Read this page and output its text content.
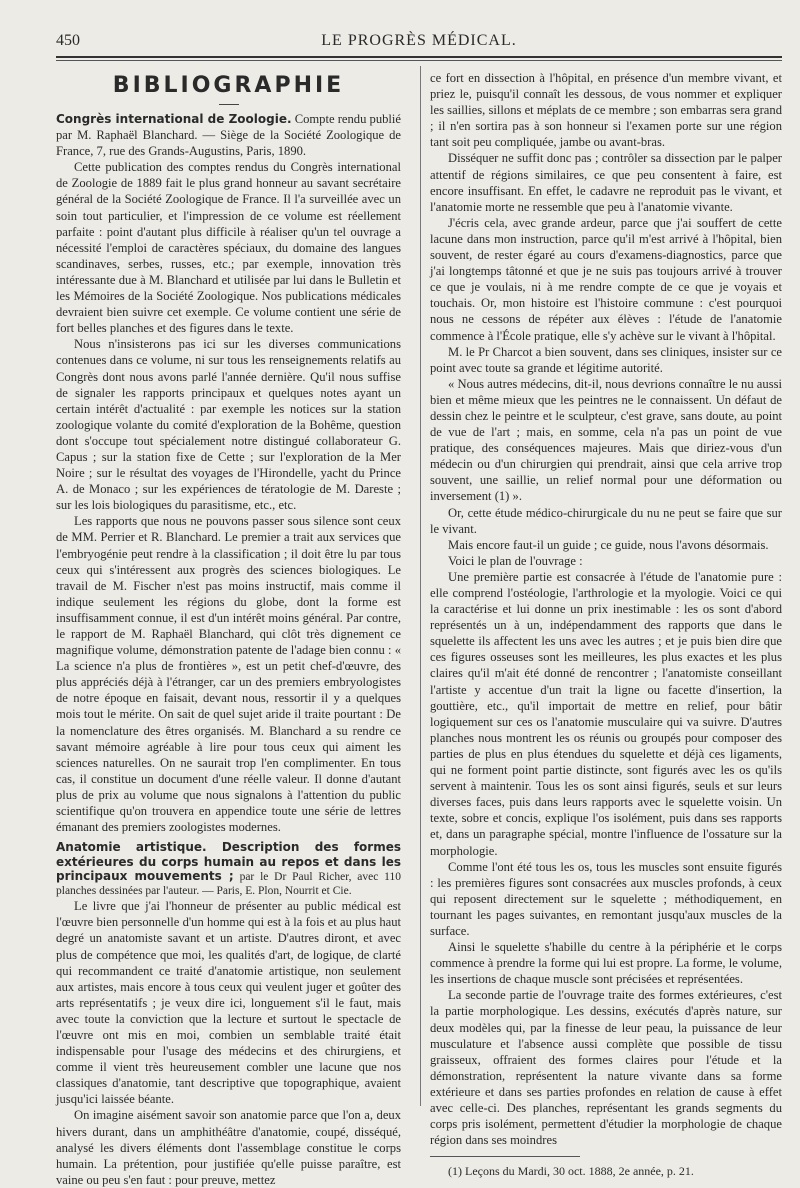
450	LE PROGRÈS MÉDICAL.
BIBLIOGRAPHIE

Congrès international de Zoologie. Compte rendu publié par M. Raphaël Blanchard. — Siège de la Société Zoologique de France, 7, rue des Grands-Augustins, Paris, 1890.

Cette publication des comptes rendus du Congrès international de Zoologie de 1889 fait le plus grand honneur au savant secrétaire général de la Société Zoologique de France. Il l'a surveillée avec un soin tout particulier, et l'impression de ce volume est réellement parfaite : point d'autant plus difficile à réaliser qu'un tel ouvrage a nécessité l'emploi de caractères spéciaux, du domaine des langues scandinaves, serbes, russes, etc.; par exemple, innovation très intéressante due à M. Blanchard et utilisée par lui dans le Bulletin et les Mémoires de la Société Zoologique. Nos publications médicales devraient bien suivre cet exemple. Ce volume contient une série de fort belles planches et des figures dans le texte.

Nous n'insisterons pas ici sur les diverses communications contenues dans ce volume, ni sur tous les renseignements relatifs au Congrès dont nous avons parlé l'année dernière. Qu'il nous suffise de signaler les rapports principaux et quelques notes ayant un certain intérêt d'actualité : par exemple les notices sur la station zoologique volante du comité d'exploration de la Bohême, question dont s'occupe tout spécialement notre distingué collaborateur G. Capus ; sur la station fixe de Cette ; sur l'exploration de la Mer Noire ; sur le résultat des voyages de l'Hirondelle, yacht du Prince A. de Monaco ; sur les expériences de tératologie de M. Dareste ; sur les lois biologiques du parasitisme, etc., etc.

Les rapports que nous ne pouvons passer sous silence sont ceux de MM. Perrier et R. Blanchard. Le premier a trait aux services que l'embryogénie peut rendre à la classification ; il doit être lu par tous ceux qui s'intéressent aux progrès des sciences biologiques. Le travail de M. Fischer n'est pas moins instructif, mais comme il indique seulement les régions du globe, dont la forme est insuffisamment connue, il est d'un intérêt moins général. Par contre, le rapport de M. Raphaël Blanchard, qui clôt très dignement ce magnifique volume, démonstration patente de l'adage bien connu : « La science n'a plus de frontières », est un petit chef-d'œuvre, des plus appréciés déjà à l'étranger, car un des premiers embryologistes de notre époque en faisait, devant nous, ressortir il y a quelques mois tout le mérite. On sait de quel sujet aride il traite pourtant : De la nomenclature des êtres organisés. M. Blanchard a su rendre ce savant mémoire agréable à lire pour tous ceux qui aiment les sciences naturelles. On ne saurait trop l'en complimenter. En tous cas, il constitue un document d'une réelle valeur. Il donne d'autant plus de prix au volume que nous signalons à l'attention du public scientifique qu'on trouvera en appendice toute une série de lettres émanant des premiers zoologistes modernes.

Anatomie artistique. Description des formes extérieures du corps humain au repos et dans les principaux mouvements ; par le Dr Paul Richer, avec 110 planches dessinées par l'auteur. — Paris, E. Plon, Nourrit et Cie.

Le livre que j'ai l'honneur de présenter au public médical est l'œuvre bien personnelle d'un homme qui est à la fois et au plus haut degré un anatomiste savant et un artiste. D'autres diront, et avec plus de compétence que moi, les qualités d'art, de logique, de clarté qui recommandent ce traité d'anatomie artistique, non seulement aux artistes, mais encore à tous ceux qui veulent juger et goûter des arts représentatifs ; je veux dire ici, longuement s'il le faut, mais avec toute la conviction que la lecture et surtout le spectacle de l'œuvre ont mis en moi, combien un semblable traité était indispensable pour l'usage des médecins et des chirurgiens, et comme il vient très heureusement combler une lacune que nos classiques d'anatomie, tant descriptive que topographique, avaient jusqu'ici laissée béante.

On imagine aisément savoir son anatomie parce que l'on a, deux hivers durant, dans un amphithéâtre d'anatomie, coupé, disséqué, analysé les divers éléments dont l'assemblage constitue le corps humain. La prétention, pour justifiée qu'elle puisse paraître, est vaine ou peu s'en faut : pour preuve, mettez

ce fort en dissection à l'hôpital, en présence d'un membre vivant, et priez le, puisqu'il connaît les dessous, de vous nommer et expliquer les saillies, sillons et méplats de ce membre ; son embarras sera grand ; il n'en sortira pas à son honneur si l'examen porte sur une région tant soit peu compliquée, jambe ou avant-bras.

Disséquer ne suffit donc pas ; contrôler sa dissection par le palper attentif de régions similaires, ce que peu consentent à faire, est encore insuffisant. En effet, le cadavre ne reproduit pas le vivant, et l'anatomie morte ne ressemble que peu à l'anatomie vivante.

J'écris cela, avec grande ardeur, parce que j'ai souffert de cette lacune dans mon instruction, parce qu'il m'est arrivé à l'hôpital, bien souvent, de rester égaré au cours d'examens-diagnostics, parce que j'ai longtemps tâtonné et que je ne suis pas toujours arrivé à trouver ce que je voulais, ni à me rendre compte de ce que je voyais et touchais. Or, mon histoire est l'histoire commune : c'est pourquoi nous ne cessons de répéter aux élèves : l'étude de l'anatomie commence à l'École pratique, elle s'y achève sur le vivant à l'hôpital.

M. le Pr Charcot a bien souvent, dans ses cliniques, insister sur ce point avec toute sa grande et légitime autorité.

« Nous autres médecins, dit-il, nous devrions connaître le nu aussi bien et même mieux que les peintres ne le connaissent. Un défaut de dessin chez le peintre et le sculpteur, c'est grave, sans doute, au point de vue de l'art ; mais, en somme, cela n'a pas un point de vue pratique, des conséquences majeures. Mais que diriez-vous d'un médecin ou d'un chirurgien qui prendrait, ainsi que cela arrive trop souvent, une saillie, un relief normal pour une déformation ou inversement (1) ».

Or, cette étude médico-chirurgicale du nu ne peut se faire que sur le vivant.

Mais encore faut-il un guide ; ce guide, nous l'avons désormais.

Voici le plan de l'ouvrage :

Une première partie est consacrée à l'étude de l'anatomie pure : elle comprend l'ostéologie, l'arthrologie et la myologie. Voici ce qui la caractérise et lui donne un prix inestimable : les os sont d'abord représentés un à un, indépendamment des rapports que dans le squelette ils affectent les uns avec les autres ; et je puis bien dire que ces figures osseuses sont les meilleures, les plus exactes et les plus claires qu'il m'ait été donné de rencontrer ; l'anatomiste conseillant l'artiste y accentue d'un trait la ligne ou facette d'insertion, la gouttière, etc., qu'il importait de mettre en relief, pour bâtir logiquement sur ces os l'anatomie musculaire qui va suivre. D'autres planches nous montrent les os réunis ou groupés pour composer des parties de plus en plus étendues du squelette et déjà ces ligaments, qui ne forment point partie distincte, sont figurés avec les os qu'ils servent à maintenir. Tous les os sont ainsi figurés, seuls et sur leurs diverses faces, puis dans leurs rapports avec le squelette voisin. Un texte, sobre et concis, explique l'os isolément, puis dans ses rapports et, dans un paragraphe spécial, montre l'influence de l'ossature sur la morphologie.

Comme l'ont été tous les os, tous les muscles sont ensuite figurés : les premières figures sont consacrées aux muscles profonds, à ceux qui reposent directement sur le squelette ; méthodiquement, en tournant les pages suivantes, en remontant jusqu'aux muscles de la surface.

Ainsi le squelette s'habille du centre à la périphérie et le corps commence à prendre la forme qui lui est propre. La forme, le volume, les insertions de chaque muscle sont précisées et représentées.

La seconde partie de l'ouvrage traite des formes extérieures, c'est la partie morphologique. Les dessins, exécutés d'après nature, sur deux modèles qui, par la finesse de leur peau, la puissance de leur musculature et l'absence aussi complète que possible de tissu graisseux, offraient des formes claires pour l'étude et la démonstration, représentent la nature vivante dans sa forme extérieure et dans ses parties profondes en relation de cause à effet avec celle-ci. Des planches, représentant les grands segments du corps pris isolément, permettent d'étudier la morphologie de chaque région dans ses moindres

(1) Leçons du Mardi, 30 oct. 1888, 2e année, p. 21.
